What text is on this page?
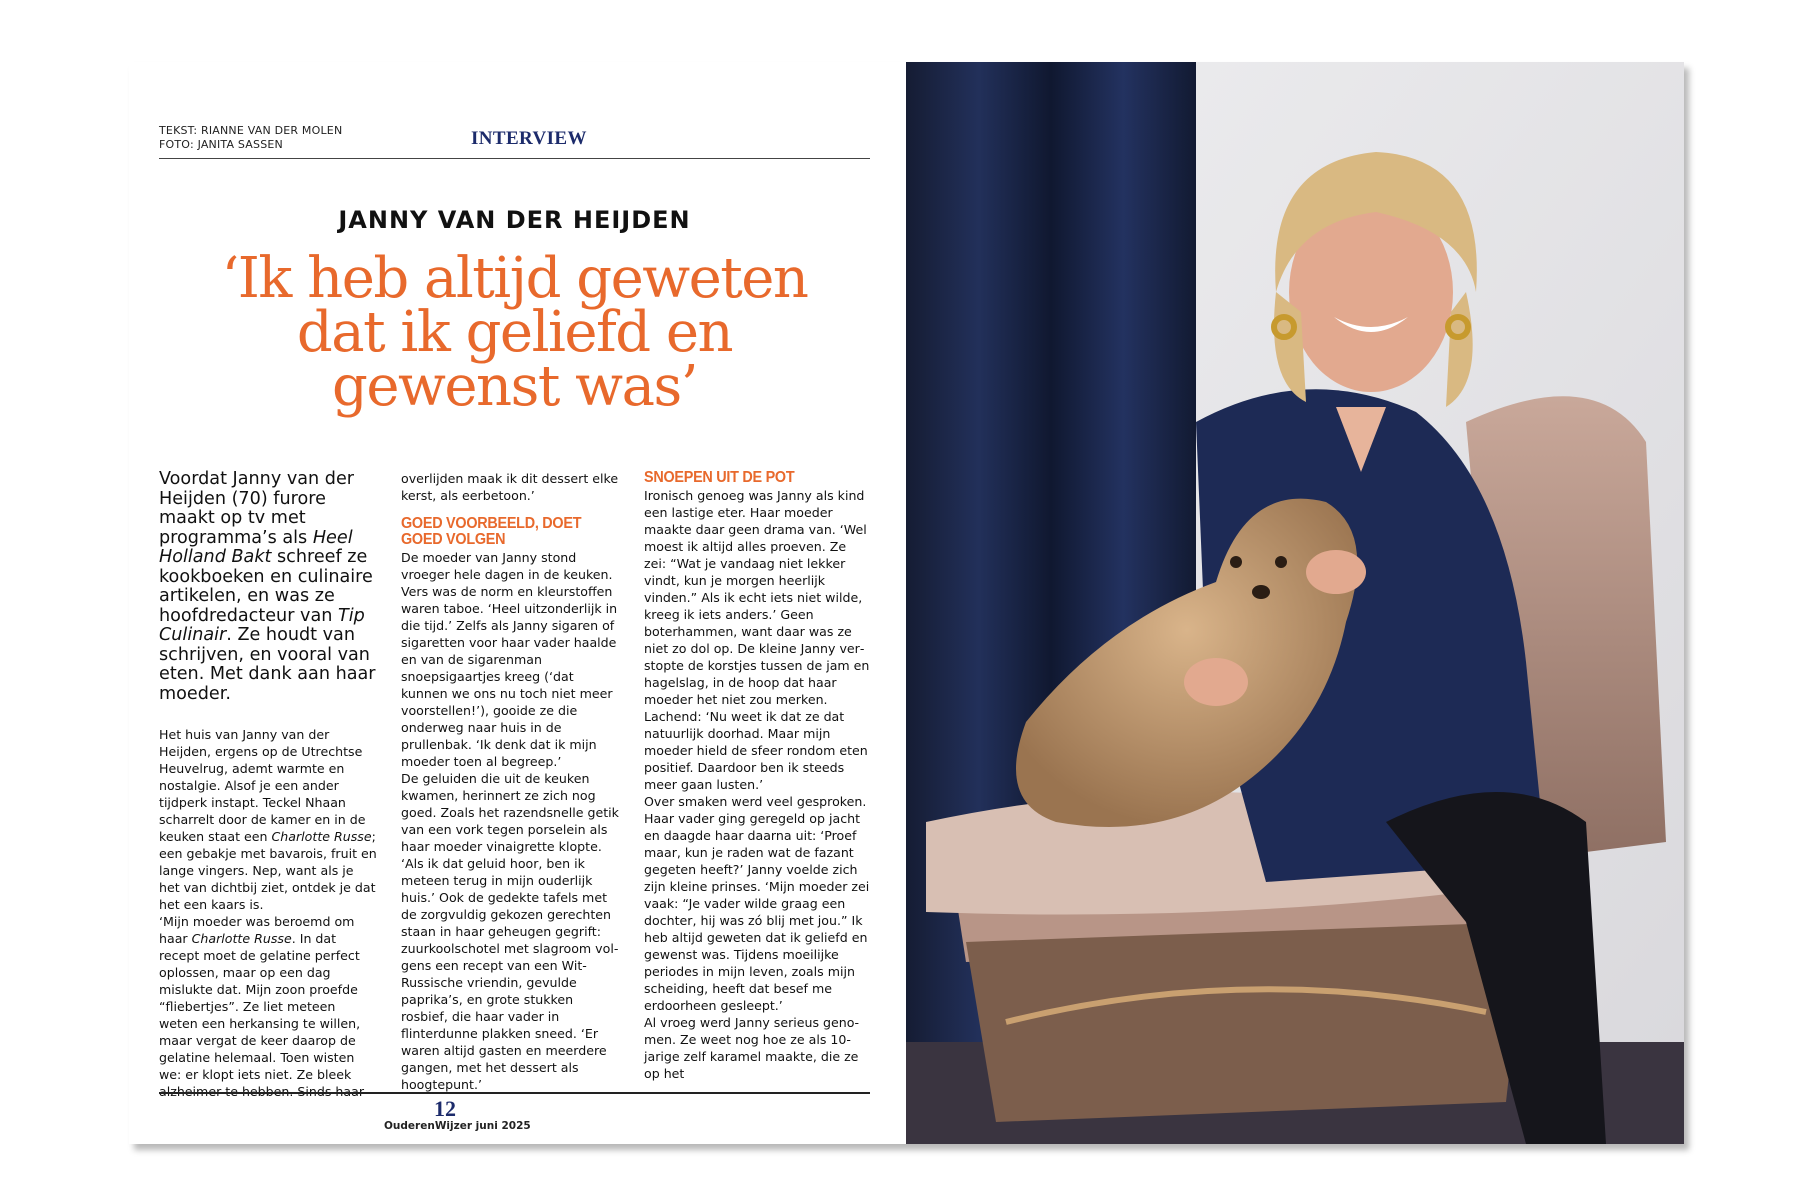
TEKST: RIANNE VAN DER MOLEN
FOTO: JANITA SASSEN	INTERVIEW
JANNY VAN DER HEIJDEN
‘Ik heb altijd geweten
dat ik geliefd en
gewenst was’

Voordat Janny van der Heijden (70) furore maakt op tv met programma’s als Heel Holland Bakt schreef ze kookboeken en culinaire artikelen, en was ze hoofdredacteur van Tip Culinair. Ze houdt van schrijven, en vooral van eten. Met dank aan haar moeder.

Het huis van Janny van der Heijden, ergens op de Utrechtse Heuvelrug, ademt warmte en nostalgie. Alsof je een ander tijdperk instapt. Teckel Nhaan scharrelt door de kamer en in de keuken staat een Charlotte Russe; een gebakje met bavarois, fruit en lange vingers. Nep, want als je het van dichtbij ziet, ontdek je dat het een kaars is.

‘Mijn moeder was beroemd om haar Charlotte Russe. In dat recept moet de gelatine perfect oplossen, maar op een dag mislukte dat. Mijn zoon proefde “fliebertjes”. Ze liet meteen weten een herkansing te willen, maar vergat de keer daarop de gelatine helemaal. Toen wisten we: er klopt iets niet. Ze bleek

overlijden maak ik dit dessert elke kerst, als eerbetoon.’

GOED VOORBEELD, DOET GOED VOLGEN

De moeder van Janny stond vroeger hele dagen in de keuken. Vers was de norm en kleurstoffen waren taboe. ‘Heel uitzonderlijk in die tijd.’ Zelfs als Janny sigaren of sigaretten voor haar vader haalde en van de sigarenman snoepsigaartjes kreeg (‘dat kunnen we ons nu toch niet meer voorstellen!’), gooide ze die onderweg naar huis in de prullenbak. ‘Ik denk dat ik mijn moeder toen al begreep.’

De geluiden die uit de keuken kwamen, herinnert ze zich nog goed. Zoals het razendsnelle getik van een vork tegen porselein als haar moeder vinaigrette klopte. ‘Als ik dat geluid hoor, ben ik meteen terug in mijn ouderlijk huis.’ Ook de gedekte tafels met de zorgvuldig gekozen gerechten staan in haar geheugen gegrift: zuurkoolschotel met slagroom volgens een recept van een Wit-Russische vriendin, gevulde paprika’s, en grote stukken rosbief, die haar vader in flinterdunne plakken sneed. ‘Er waren altijd gasten en meerdere gangen, met het dessert als hoogtepunt.’

SNOEPEN UIT DE POT

Ironisch genoeg was Janny als kind een lastige eter. Haar moeder maakte daar geen drama van. ‘Wel moest ik altijd alles proeven. Ze zei: “Wat je vandaag niet lekker vindt, kun je morgen heerlijk vinden.” Als ik echt iets niet wilde, kreeg ik iets anders.’ Geen boterhammen, want daar was ze niet zo dol op. De kleine Janny verstopte de korstjes tussen de jam en hagelslag, in de hoop dat haar moeder het niet zou merken. Lachend: ‘Nu weet ik dat ze dat natuurlijk doorhad. Maar mijn moeder hield de sfeer rondom eten positief. Daardoor ben ik steeds meer gaan lusten.’

Over smaken werd veel gesproken. Haar vader ging geregeld op jacht en daagde haar daarna uit: ‘Proef maar, kun je raden wat de fazant gegeten heeft?’ Janny voelde zich zijn kleine prinses. ‘Mijn moeder zei vaak: “Je vader wilde graag een dochter, hij was zó blij met jou.” Ik heb altijd geweten dat ik geliefd en gewenst was. Tijdens moeilijke periodes in mijn leven, zoals mijn scheiding, heeft dat besef me erdoorheen gesleept.’

Al vroeg werd Janny serieus genomen. Ze weet nog hoe ze als 10-jarige zelf karamel maakte, die ze op het

12
OuderenWijzer juni 2025
